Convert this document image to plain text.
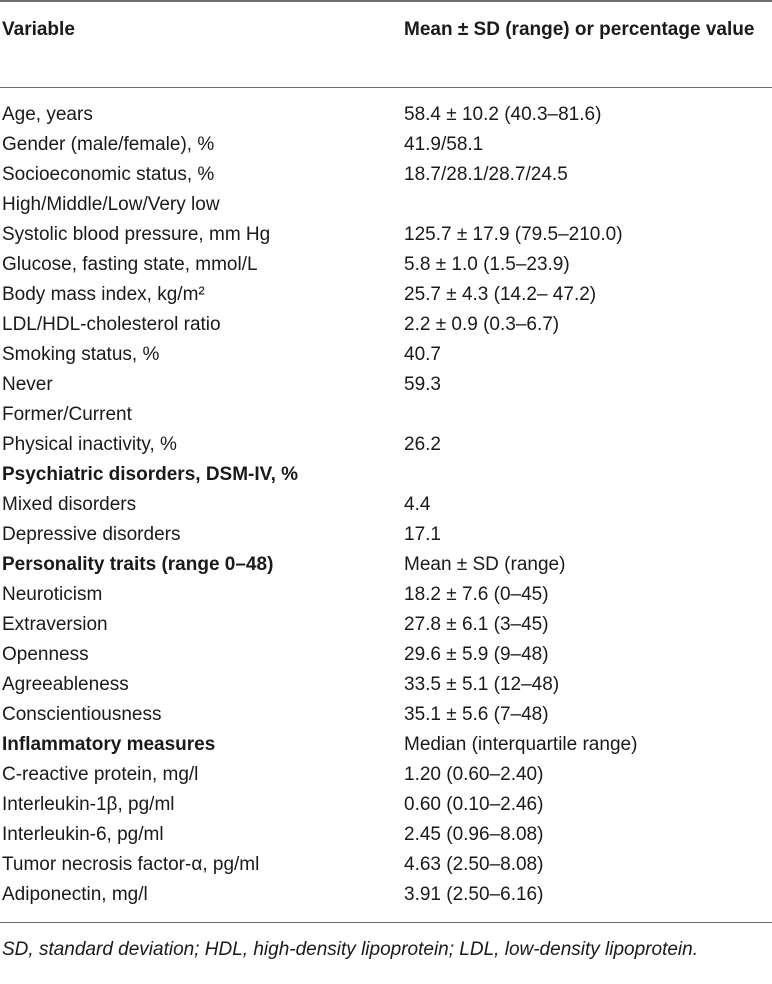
Variable	Mean ± SD (range) or percentage value
Age, years	58.4 ± 10.2 (40.3–81.6)
Gender (male/female), %	41.9/58.1
Socioeconomic status, %	18.7/28.1/28.7/24.5
High/Middle/Low/Very low
Systolic blood pressure, mm Hg	125.7 ± 17.9 (79.5–210.0)
Glucose, fasting state, mmol/L	5.8 ± 1.0 (1.5–23.9)
Body mass index, kg/m²	25.7 ± 4.3 (14.2– 47.2)
LDL/HDL-cholesterol ratio	2.2 ± 0.9 (0.3–6.7)
Smoking status, %	40.7
Never	59.3
Former/Current
Physical inactivity, %	26.2
Psychiatric disorders, DSM-IV, %
Mixed disorders	4.4
Depressive disorders	17.1
Personality traits (range 0–48)	Mean ± SD (range)
Neuroticism	18.2 ± 7.6 (0–45)
Extraversion	27.8 ± 6.1 (3–45)
Openness	29.6 ± 5.9 (9–48)
Agreeableness	33.5 ± 5.1 (12–48)
Conscientiousness	35.1 ± 5.6 (7–48)
Inflammatory measures	Median (interquartile range)
C-reactive protein, mg/l	1.20 (0.60–2.40)
Interleukin-1β, pg/ml	0.60 (0.10–2.46)
Interleukin-6, pg/ml	2.45 (0.96–8.08)
Tumor necrosis factor-α, pg/ml	4.63 (2.50–8.08)
Adiponectin, mg/l	3.91 (2.50–6.16)
SD, standard deviation; HDL, high-density lipoprotein; LDL, low-density lipoprotein.
